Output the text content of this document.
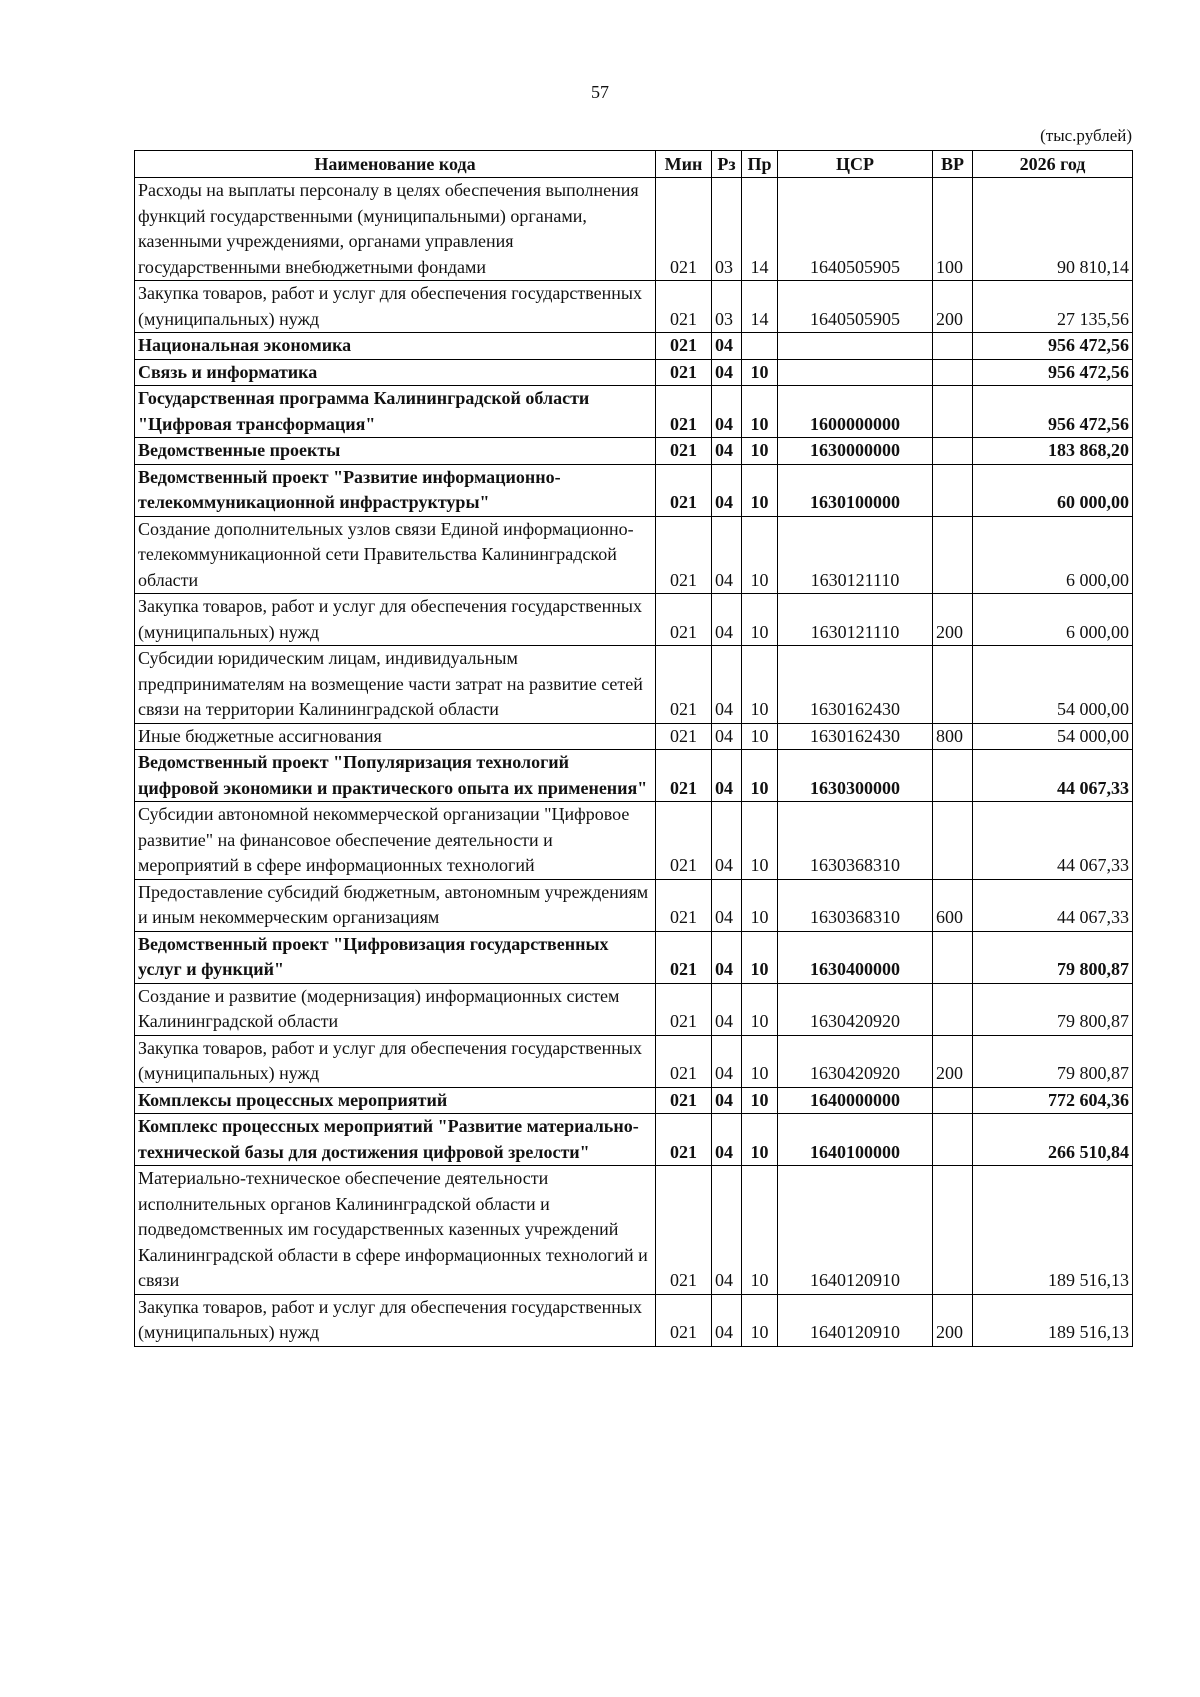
57
(тыс.рублей)
Наименование кода	Мин	Рз	Пр	ЦСР	ВР	2026 год
Расходы на выплаты персоналу в целях обеспечения выполнения функций государственными (муниципальными) органами, казенными учреждениями, органами управления государственными внебюджетными фондами	021	03	14	1640505905	100	90 810,14
Закупка товаров, работ и услуг для обеспечения государственных (муниципальных) нужд	021	03	14	1640505905	200	27 135,56
Национальная экономика	021	04				956 472,56
Связь и информатика	021	04	10			956 472,56
Государственная программа Калининградской области "Цифровая трансформация"	021	04	10	1600000000		956 472,56
Ведомственные проекты	021	04	10	1630000000		183 868,20
Ведомственный проект "Развитие информационно-телекоммуникационной инфраструктуры"	021	04	10	1630100000		60 000,00
Создание дополнительных узлов связи Единой информационно-телекоммуникационной сети Правительства Калининградской области	021	04	10	1630121110		6 000,00
Закупка товаров, работ и услуг для обеспечения государственных (муниципальных) нужд	021	04	10	1630121110	200	6 000,00
Субсидии юридическим лицам, индивидуальным предпринимателям на возмещение части затрат на развитие сетей связи на территории Калининградской области	021	04	10	1630162430		54 000,00
Иные бюджетные ассигнования	021	04	10	1630162430	800	54 000,00
Ведомственный проект "Популяризация технологий цифровой экономики и практического опыта их применения"	021	04	10	1630300000		44 067,33
Субсидии автономной некоммерческой организации "Цифровое развитие" на финансовое обеспечение деятельности и мероприятий в сфере информационных технологий	021	04	10	1630368310		44 067,33
Предоставление субсидий бюджетным, автономным учреждениям и иным некоммерческим организациям	021	04	10	1630368310	600	44 067,33
Ведомственный проект "Цифровизация государственных услуг и функций"	021	04	10	1630400000		79 800,87
Создание и развитие (модернизация) информационных систем Калининградской области	021	04	10	1630420920		79 800,87
Закупка товаров, работ и услуг для обеспечения государственных (муниципальных) нужд	021	04	10	1630420920	200	79 800,87
Комплексы процессных мероприятий	021	04	10	1640000000		772 604,36
Комплекс процессных мероприятий "Развитие материально-технической базы для достижения цифровой зрелости"	021	04	10	1640100000		266 510,84
Материально-техническое обеспечение деятельности исполнительных органов Калининградской области и подведомственных им государственных казенных учреждений Калининградской области в сфере информационных технологий и связи	021	04	10	1640120910		189 516,13
Закупка товаров, работ и услуг для обеспечения государственных (муниципальных) нужд	021	04	10	1640120910	200	189 516,13
